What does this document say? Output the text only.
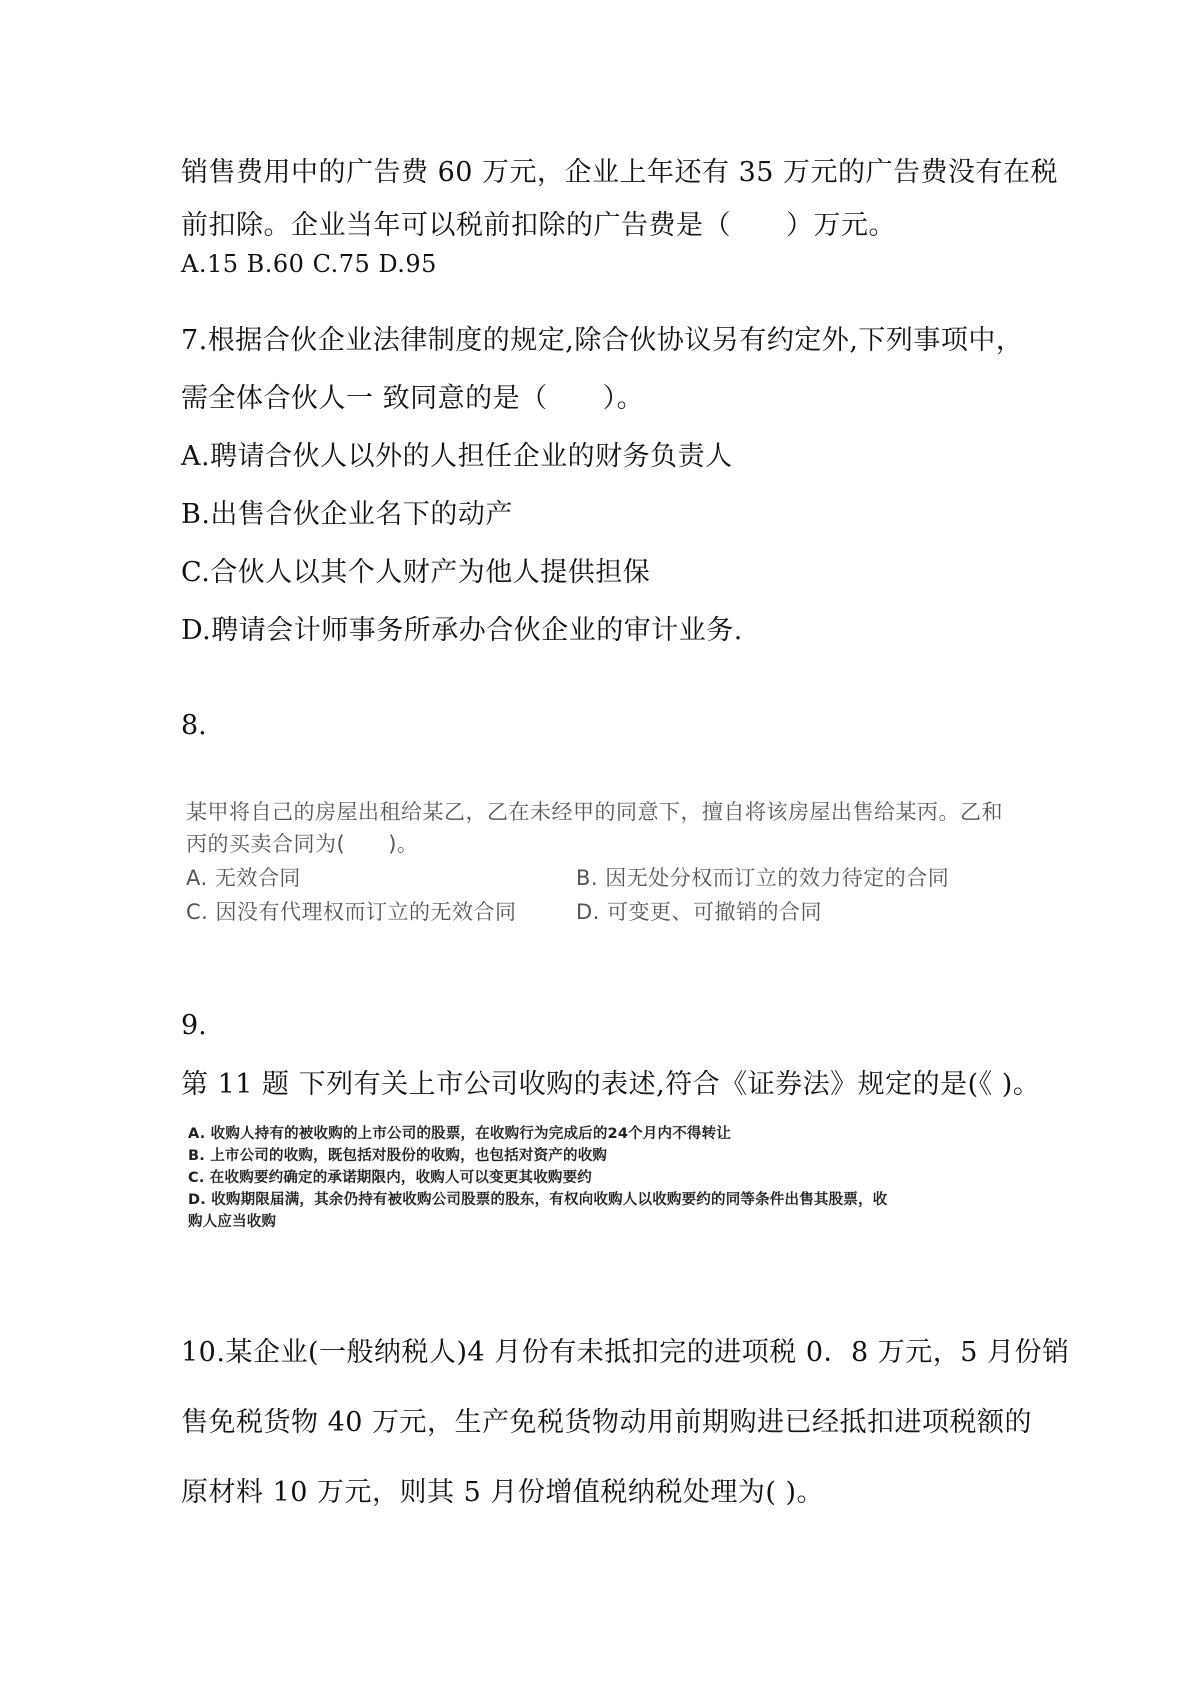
销售费用中的广告费 60 万元，企业上年还有 35 万元的广告费没有在税
前扣除。企业当年可以税前扣除的广告费是（　　）万元。
A.15 B.60 C.75 D.95
7.根据合伙企业法律制度的规定,除合伙协议另有约定外,下列事项中，
需全体合伙人一 致同意的是（　　）。
A.聘请合伙人以外的人担任企业的财务负责人
B.出售合伙企业名下的动产
C.合伙人以其个人财产为他人提供担保
D.聘请会计师事务所承办合伙企业的审计业务.
8.
某甲将自己的房屋出租给某乙，乙在未经甲的同意下，擅自将该房屋出售给某丙。乙和
丙的买卖合同为(　　)。
A. 无效合同	B. 因无处分权而订立的效力待定的合同
C. 因没有代理权而订立的无效合同	D. 可变更、可撤销的合同
9.
第 11 题 下列有关上市公司收购的表述,符合《证券法》规定的是(《 )。
A. 收购人持有的被收购的上市公司的股票，在收购行为完成后的24个月内不得转让
B. 上市公司的收购，既包括对股份的收购，也包括对资产的收购
C. 在收购要约确定的承诺期限内，收购人可以变更其收购要约
D. 收购期限届满，其余仍持有被收购公司股票的股东，有权向收购人以收购要约的同等条件出售其股票，收
购人应当收购
10.某企业(一般纳税人)4 月份有未抵扣完的进项税 0．8 万元，5 月份销
售免税货物 40 万元，生产免税货物动用前期购进已经抵扣进项税额的
原材料 10 万元，则其 5 月份增值税纳税处理为( )。
